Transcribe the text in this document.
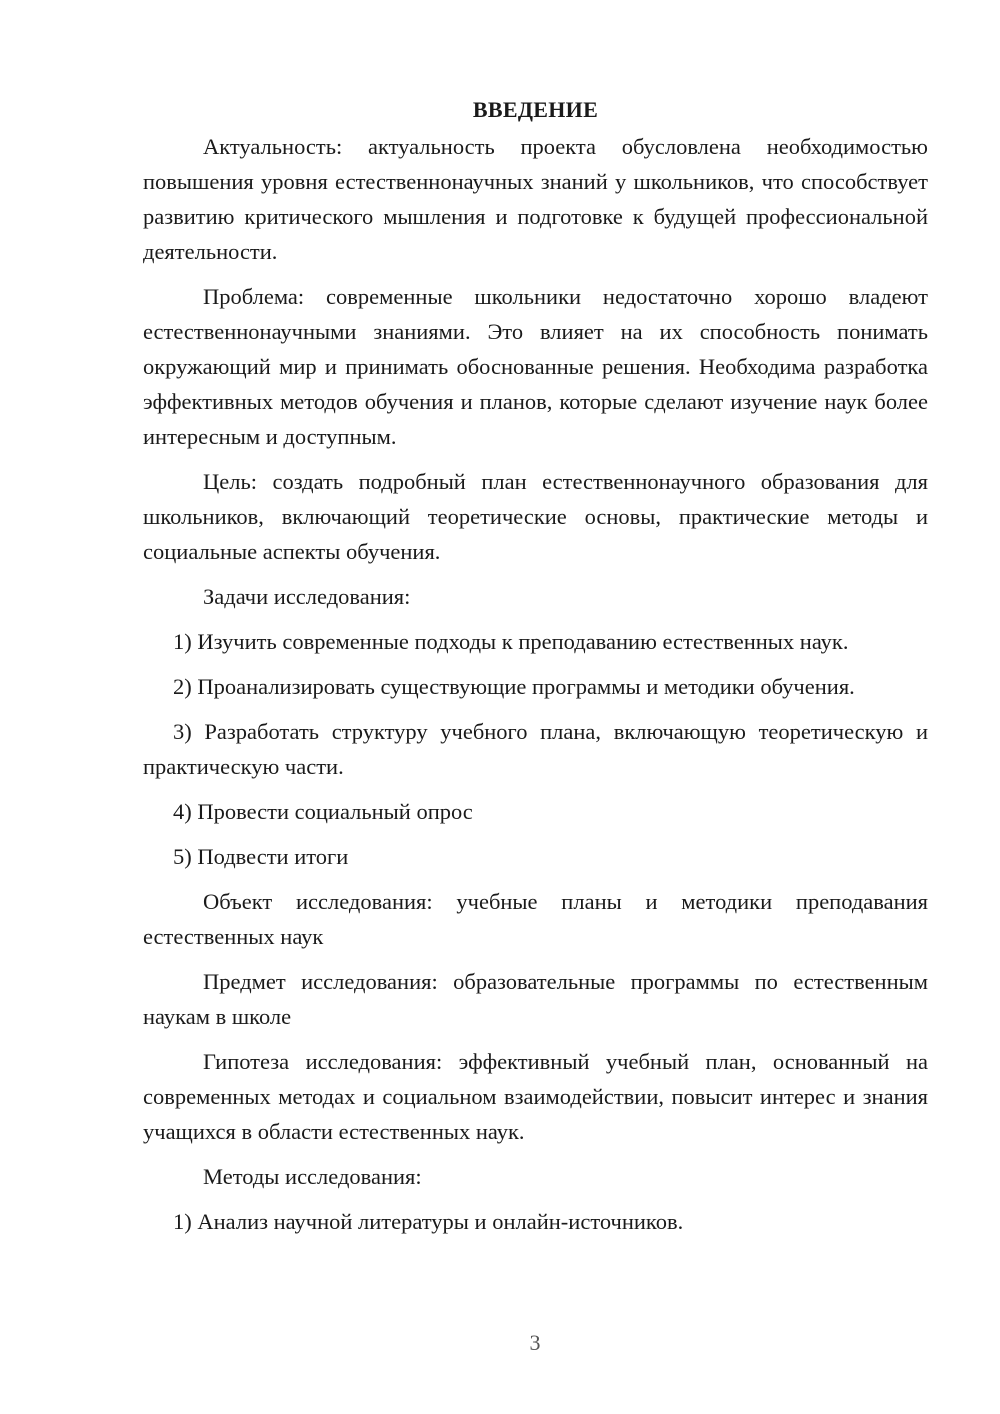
ВВЕДЕНИЕ

Актуальность: актуальность проекта обусловлена необходимостью повышения уровня естественнонаучных знаний у школьников, что способствует развитию критического мышления и подготовке к будущей профессиональной деятельности.

Проблема: современные школьники недостаточно хорошо владеют естественнонаучными знаниями. Это влияет на их способность понимать окружающий мир и принимать обоснованные решения. Необходима разработка эффективных методов обучения и планов, которые сделают изучение наук более интересным и доступным.

Цель: создать подробный план естественнонаучного образования для школьников, включающий теоретические основы, практические методы и социальные аспекты обучения.

Задачи исследования:

1) Изучить современные подходы к преподаванию естественных наук.

2) Проанализировать существующие программы и методики обучения.

3) Разработать структуру учебного плана, включающую теоретическую и практическую части.

4) Провести социальный опрос

5) Подвести итоги

Объект исследования: учебные планы и методики преподавания естественных наук

Предмет исследования: образовательные программы по естественным наукам в школе

Гипотеза исследования: эффективный учебный план, основанный на современных методах и социальном взаимодействии, повысит интерес и знания учащихся в области естественных наук.

Методы исследования:

1) Анализ научной литературы и онлайн-источников.

3
